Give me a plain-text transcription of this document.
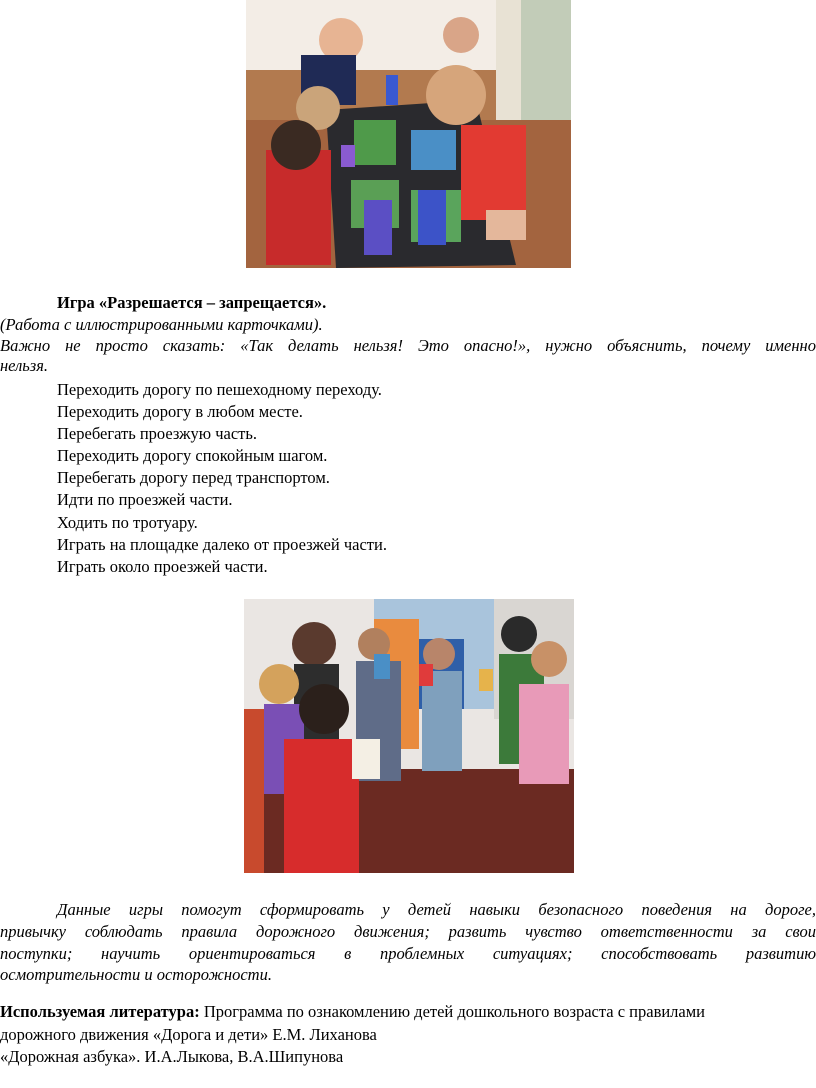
Игра «Разрешается – запрещается».
(Работа с иллюстрированными карточками).
Важно не просто сказать: «Так делать нельзя! Это опасно!», нужно объяснить, почему именно
нельзя.
Переходить дорогу по пешеходному переходу.
Переходить дорогу в любом месте.
Перебегать проезжую часть.
Переходить дорогу спокойным шагом.
Перебегать дорогу перед транспортом.
Идти по проезжей части.
Ходить по тротуару.
Играть на площадке далеко от проезжей части.
Играть около проезжей части.
Данные игры помогут сформировать у детей навыки безопасного поведения на дороге,
привычку соблюдать правила дорожного движения; развить чувство ответственности за свои
поступки; научить ориентироваться в проблемных ситуациях; способствовать развитию
осмотрительности и осторожности.
Используемая литература: Программа по ознакомлению детей дошкольного возраста с правилами
дорожного движения «Дорога и дети» Е.М. Лиханова
«Дорожная азбука». И.А.Лыкова, В.А.Шипунова
